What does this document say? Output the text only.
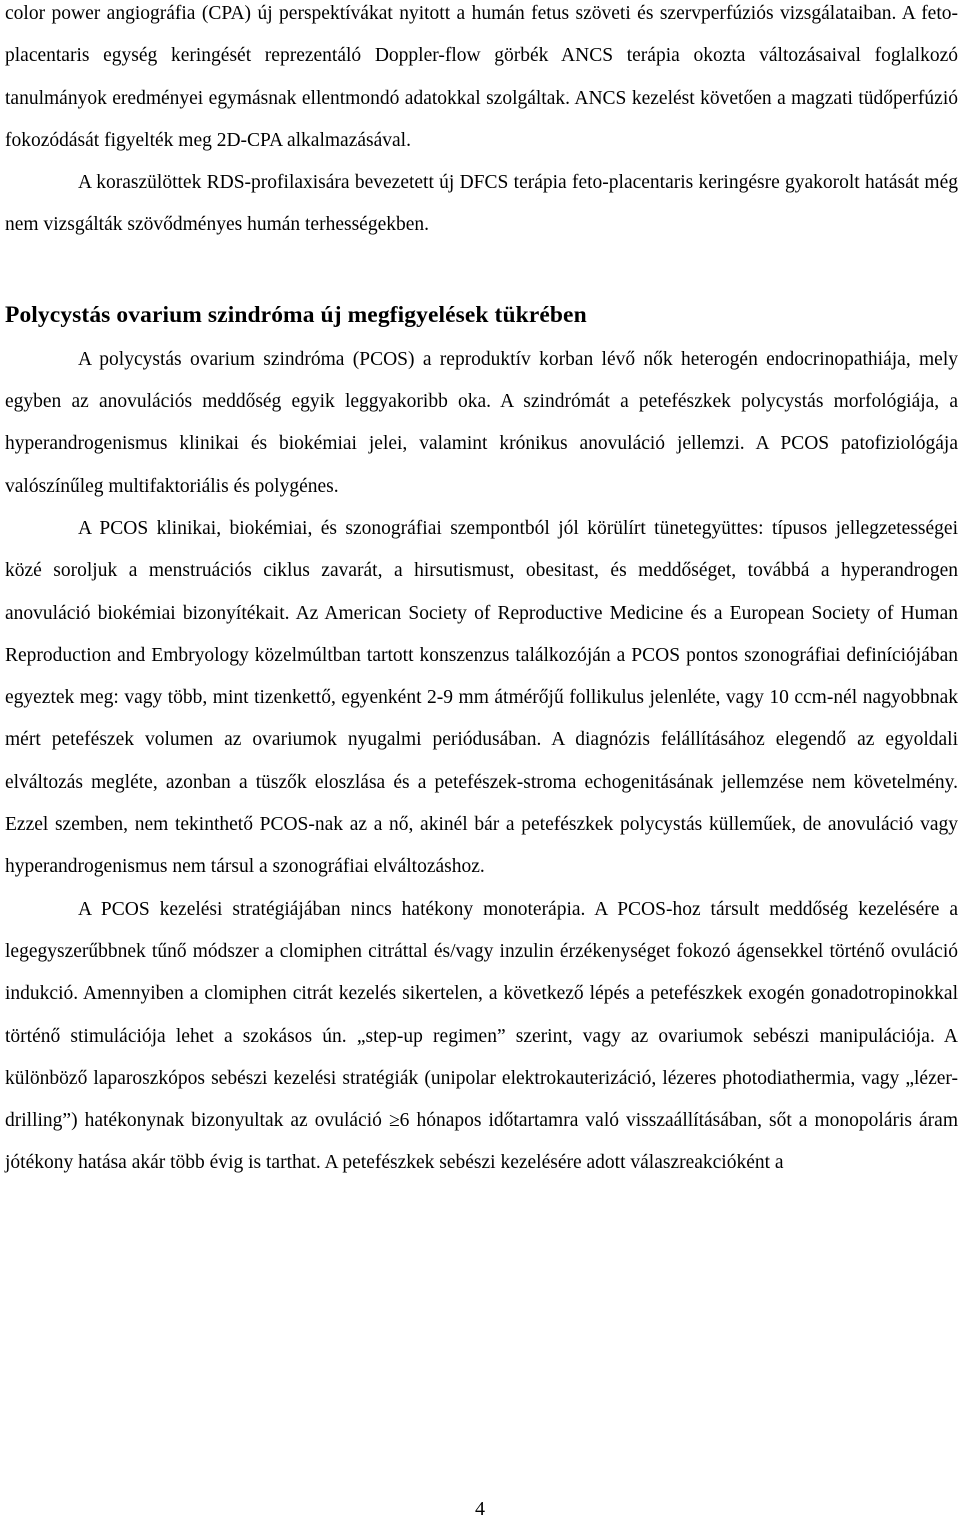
color power angiográfia (CPA) új perspektívákat nyitott a humán fetus szöveti és szervperfúziós vizsgálataiban. A feto-placentaris egység keringését reprezentáló Doppler-flow görbék ANCS terápia okozta változásaival foglalkozó tanulmányok eredményei egymásnak ellentmondó adatokkal szolgáltak. ANCS kezelést követően a magzati tüdőperfúzió fokozódását figyelték meg 2D-CPA alkalmazásával.

A koraszülöttek RDS-profilaxisára bevezetett új DFCS terápia feto-placentaris keringésre gyakorolt hatását még nem vizsgálták szövődményes humán terhességekben.

Polycystás ovarium szindróma új megfigyelések tükrében

A polycystás ovarium szindróma (PCOS) a reproduktív korban lévő nők heterogén endocrinopathiája, mely egyben az anovulációs meddőség egyik leggyakoribb oka. A szindrómát a petefészkek polycystás morfológiája, a hyperandrogenismus klinikai és biokémiai jelei, valamint krónikus anovuláció jellemzi. A PCOS patofiziológája valószínűleg multifaktoriális és polygénes.

A PCOS klinikai, biokémiai, és szonográfiai szempontból jól körülírt tünetegyüttes: típusos jellegzetességei közé soroljuk a menstruációs ciklus zavarát, a hirsutismust, obesitast, és meddőséget, továbbá a hyperandrogen anovuláció biokémiai bizonyítékait. Az American Society of Reproductive Medicine és a European Society of Human Reproduction and Embryology közelmúltban tartott konszenzus találkozóján a PCOS pontos szonográfiai definíciójában egyeztek meg: vagy több, mint tizenkettő, egyenként 2-9 mm átmérőjű follikulus jelenléte, vagy 10 ccm-nél nagyobbnak mért petefészek volumen az ovariumok nyugalmi periódusában. A diagnózis felállításához elegendő az egyoldali elváltozás megléte, azonban a tüszők eloszlása és a petefészek-stroma echogenitásának jellemzése nem követelmény. Ezzel szemben, nem tekinthető PCOS-nak az a nő, akinél bár a petefészkek polycystás külleműek, de anovuláció vagy hyperandrogenismus nem társul a szonográfiai elváltozáshoz.

A PCOS kezelési stratégiájában nincs hatékony monoterápia. A PCOS-hoz társult meddőség kezelésére a legegyszerűbbnek tűnő módszer a clomiphen citráttal és/vagy inzulin érzékenységet fokozó ágensekkel történő ovuláció indukció. Amennyiben a clomiphen citrát kezelés sikertelen, a következő lépés a petefészkek exogén gonadotropinokkal történő stimulációja lehet a szokásos ún. „step-up regimen” szerint, vagy az ovariumok sebészi manipulációja. A különböző laparoszkópos sebészi kezelési stratégiák (unipolar elektrokauterizáció, lézeres photodiathermia, vagy „lézer-drilling”) hatékonynak bizonyultak az ovuláció ≥6 hónapos időtartamra való visszaállításában, sőt a monopoláris áram jótékony hatása akár több évig is tarthat. A petefészkek sebészi kezelésére adott válaszreakcióként a

4
